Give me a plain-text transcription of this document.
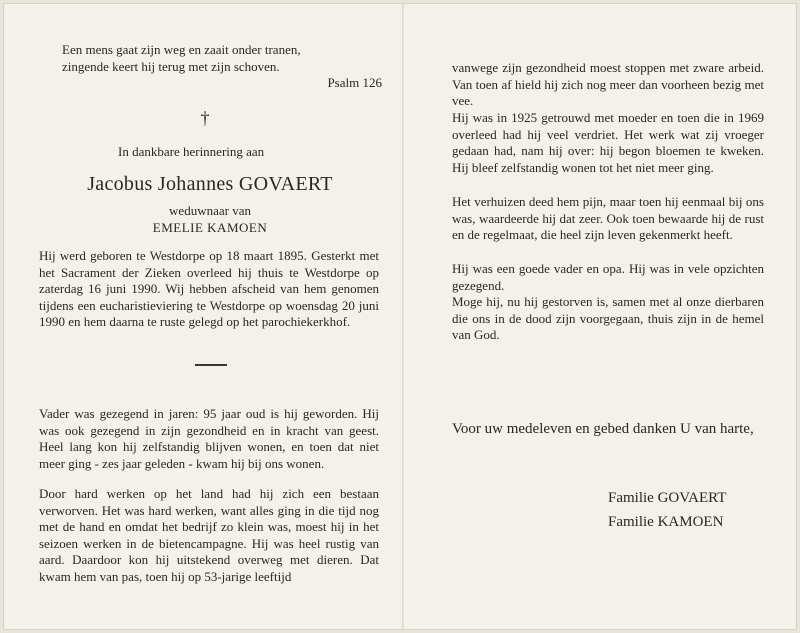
Een mens gaat zijn weg en zaait onder tranen,
zingende keert hij terug met zijn schoven.
Psalm 126
†
In dankbare herinnering aan
Jacobus Johannes GOVAERT
weduwnaar van
EMELIE KAMOEN

Hij werd geboren te Westdorpe op 18 maart 1895. Gesterkt met het Sacrament der Zieken overleed hij thuis te Westdorpe op zaterdag 16 juni 1990. Wij hebben afscheid van hem genomen tijdens een eucharistieviering te Westdorpe op woensdag 20 juni 1990 en hem daarna te ruste gelegd op het parochiekerkhof.

Vader was gezegend in jaren: 95 jaar oud is hij geworden. Hij was ook gezegend in zijn gezondheid en in kracht van geest. Heel lang kon hij zelfstandig blijven wonen, en toen dat niet meer ging - zes jaar geleden - kwam hij bij ons wonen.

Door hard werken op het land had hij zich een bestaan verworven. Het was hard werken, want alles ging in die tijd nog met de hand en omdat het bedrijf zo klein was, moest hij in het seizoen werken in de bietencampagne. Hij was heel rustig van aard. Daardoor kon hij uitstekend overweg met dieren. Dat kwam hem van pas, toen hij op 53-jarige leeftijd

vanwege zijn gezondheid moest stoppen met zware arbeid. Van toen af hield hij zich nog meer dan voorheen bezig met vee.

Hij was in 1925 getrouwd met moeder en toen die in 1969 overleed had hij veel verdriet. Het werk wat zij vroeger gedaan had, nam hij over: hij begon bloemen te kweken. Hij bleef zelfstandig wonen tot het niet meer ging.

Het verhuizen deed hem pijn, maar toen hij eenmaal bij ons was, waardeerde hij dat zeer. Ook toen bewaarde hij de rust en de regelmaat, die heel zijn leven gekenmerkt heeft.

Hij was een goede vader en opa. Hij was in vele opzichten gezegend.

Moge hij, nu hij gestorven is, samen met al onze dierbaren die ons in de dood zijn voorgegaan, thuis zijn in de hemel van God.

Voor uw medeleven en gebed danken U van harte,

Familie GOVAERT
Familie KAMOEN
